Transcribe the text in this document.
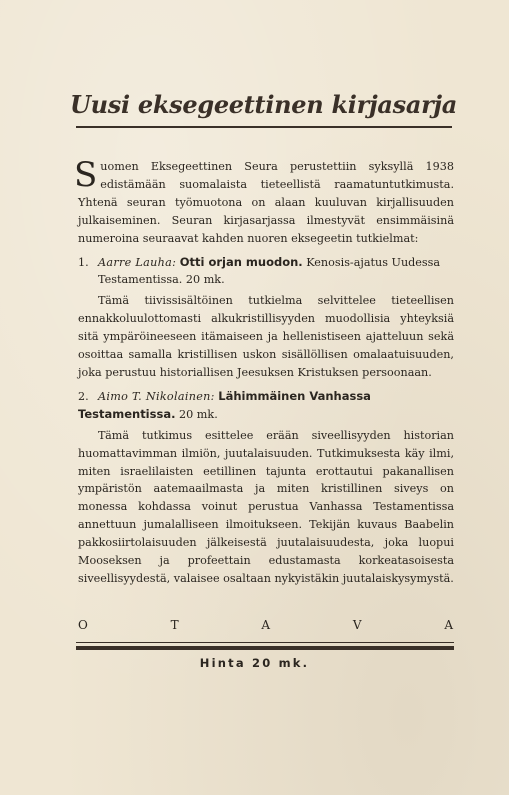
Uusi eksegeettinen kirjasarja

Suomen Eksegeettinen Seura perustettiin syksyllä 1938 edistämään suomalaista tieteellistä raamatuntutkimusta. Yhtenä seuran työmuotona on alaan kuuluvan kirjallisuuden julkaiseminen. Seuran kirjasarjassa ilmestyvät ensimmäisinä numeroina seuraavat kahden nuoren eksegeetin tutkielmat:

1. Aarre Lauha: Otti orjan muodon. Kenosis-ajatus Uudessa
Testamentissa. 20 mk.

Tämä tiivissisältöinen tutkielma selvittelee tieteellisen ennakkoluulottomasti alkukristillisyyden muodollisia yhteyksiä sitä ympäröineeseen itämaiseen ja hellenistiseen ajatteluun sekä osoittaa samalla kristillisen uskon sisällöllisen omalaatuisuuden, joka perustuu historiallisen Jeesuksen Kristuksen persoonaan.

2. Aimo T. Nikolainen: Lähimmäinen Vanhassa Testamentissa. 20 mk.

Tämä tutkimus esittelee erään siveellisyyden historian huomattavimman ilmiön, juutalaisuuden. Tutkimuksesta käy ilmi, miten israelilaisten eetillinen tajunta erottautui pakanallisen ympäristön aatemaailmasta ja miten kristillinen siveys on monessa kohdassa voinut perustua Vanhassa Testamentissa annettuun jumalalliseen ilmoitukseen. Tekijän kuvaus Baabelin pakkosiirtolaisuuden jälkeisestä juutalaisuudesta, joka luopui Mooseksen ja profeettain edustamasta korkeatasoisesta siveellisyydestä, valaisee osaltaan nykyistäkin juutalaiskysymystä.

O	T	A	V	A
Hinta 20 mk.
